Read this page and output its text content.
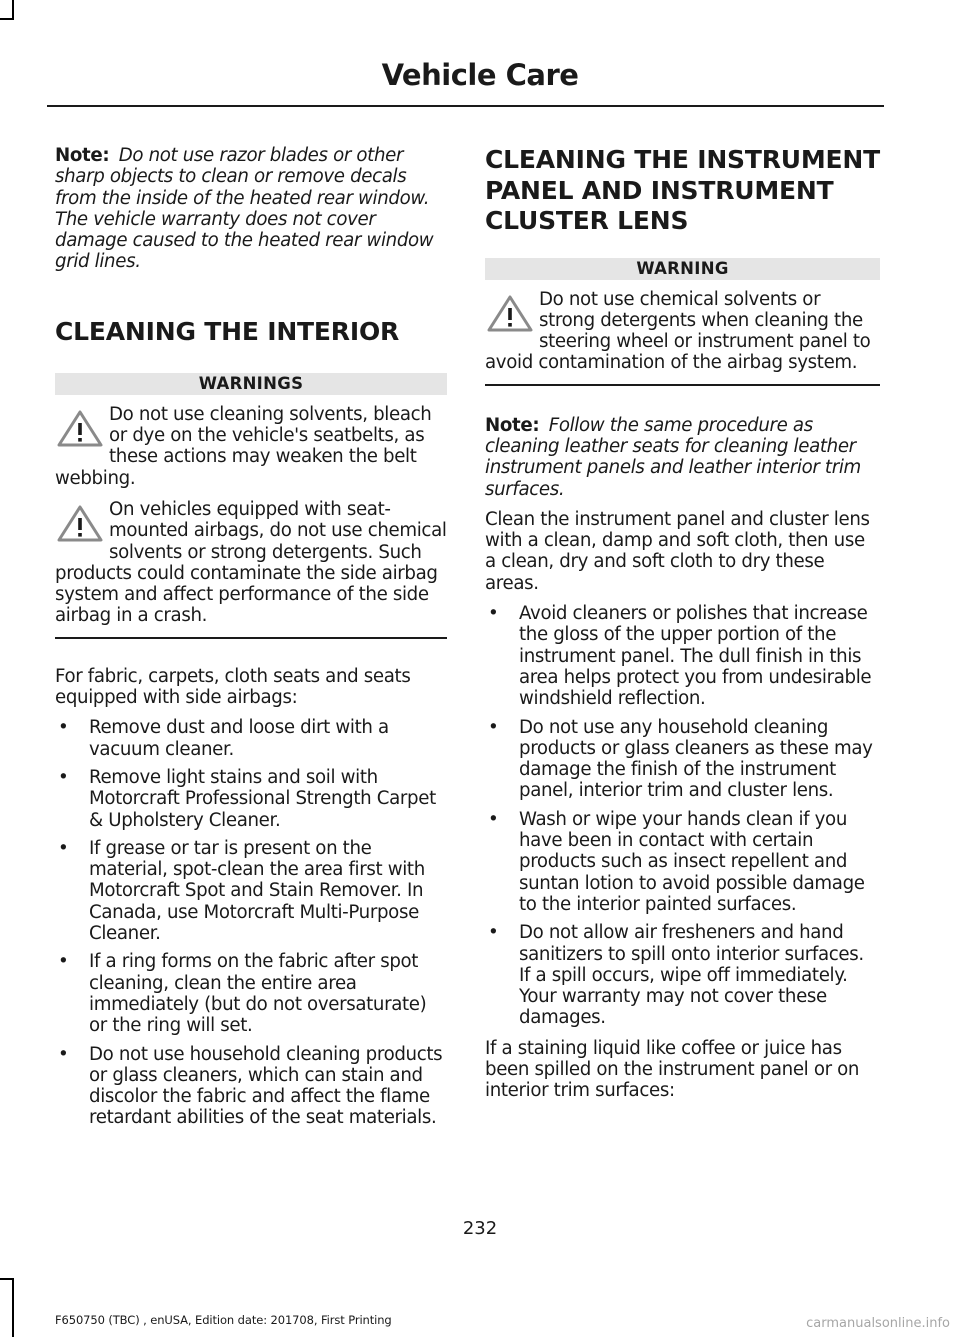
Vehicle Care

Note: Do not use razor blades or other sharp objects to clean or remove decals from the inside of the heated rear window. The vehicle warranty does not cover damage caused to the heated rear window grid lines.

CLEANING THE INTERIOR
WARNINGS
Do not use cleaning solvents, bleach or dye on the vehicle's seatbelts, as these actions may weaken the belt webbing.
On vehicles equipped with seat-mounted airbags, do not use chemical solvents or strong detergents. Such products could contaminate the side airbag system and affect performance of the side airbag in a crash.

For fabric, carpets, cloth seats and seats equipped with side airbags:

• Remove dust and loose dirt with a vacuum cleaner.
• Remove light stains and soil with Motorcraft Professional Strength Carpet & Upholstery Cleaner.
• If grease or tar is present on the material, spot-clean the area first with Motorcraft Spot and Stain Remover. In Canada, use Motorcraft Multi-Purpose Cleaner.
• If a ring forms on the fabric after spot cleaning, clean the entire area immediately (but do not oversaturate) or the ring will set.
• Do not use household cleaning products or glass cleaners, which can stain and discolor the fabric and affect the flame retardant abilities of the seat materials.
CLEANING THE INSTRUMENT
PANEL AND INSTRUMENT
CLUSTER LENS
WARNING
Do not use chemical solvents or strong detergents when cleaning the steering wheel or instrument panel to avoid contamination of the airbag system.

Note: Follow the same procedure as cleaning leather seats for cleaning leather instrument panels and leather interior trim surfaces.

Clean the instrument panel and cluster lens with a clean, damp and soft cloth, then use a clean, dry and soft cloth to dry these areas.

• Avoid cleaners or polishes that increase the gloss of the upper portion of the instrument panel. The dull finish in this area helps protect you from undesirable windshield reflection.
• Do not use any household cleaning products or glass cleaners as these may damage the finish of the instrument panel, interior trim and cluster lens.
• Wash or wipe your hands clean if you have been in contact with certain products such as insect repellent and suntan lotion to avoid possible damage to the interior painted surfaces.
• Do not allow air fresheners and hand sanitizers to spill onto interior surfaces. If a spill occurs, wipe off immediately. Your warranty may not cover these damages.

If a staining liquid like coffee or juice has been spilled on the instrument panel or on interior trim surfaces:

232
F650750 (TBC) , enUSA, Edition date: 201708, First Printing	carmanualsonline.info
